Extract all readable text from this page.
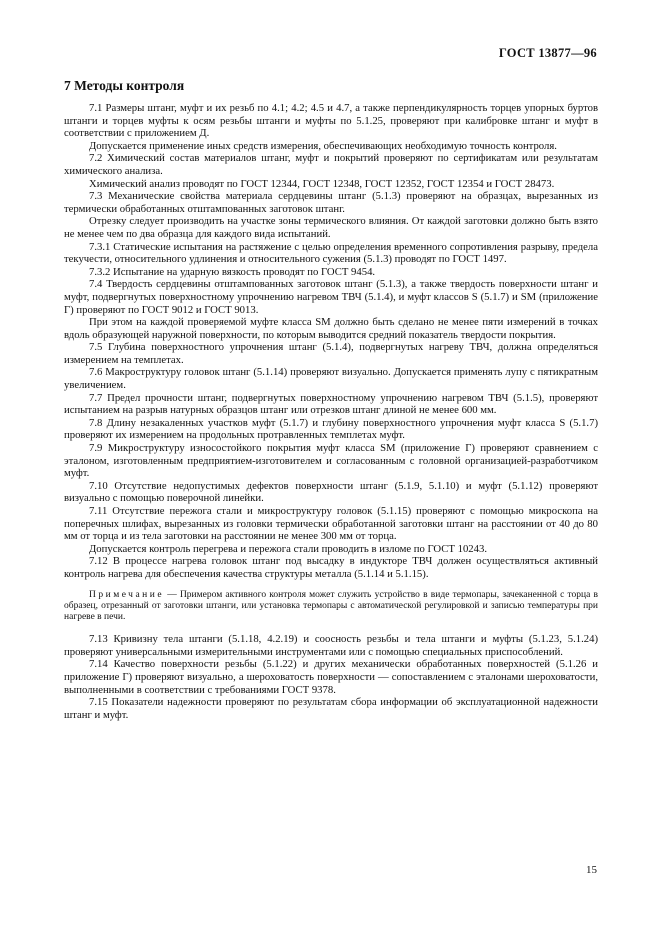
ГОСТ 13877—96
7 Методы контроля

7.1 Размеры штанг, муфт и их резьб по 4.1; 4.2; 4.5 и 4.7, а также перпендикулярность торцев упорных буртов штанги и торцев муфты к осям резьбы штанги и муфты по 5.1.25, проверяют при калибровке штанг и муфт в соответствии с приложением Д.

Допускается применение иных средств измерения, обеспечивающих необходимую точность контроля.

7.2 Химический состав материалов штанг, муфт и покрытий проверяют по сертификатам или результатам химического анализа.

Химический анализ проводят по ГОСТ 12344, ГОСТ 12348, ГОСТ 12352, ГОСТ 12354 и ГОСТ 28473.

7.3 Механические свойства материала сердцевины штанг (5.1.3) проверяют на образцах, вырезанных из термически обработанных отштампованных заготовок штанг.

Отрезку следует производить на участке зоны термического влияния. От каждой заготовки должно быть взято не менее чем по два образца для каждого вида испытаний.

7.3.1 Статические испытания на растяжение с целью определения временного сопротивления разрыву, предела текучести, относительного удлинения и относительного сужения (5.1.3) проводят по ГОСТ 1497.

7.3.2 Испытание на ударную вязкость проводят по ГОСТ 9454.

7.4 Твердость сердцевины отштампованных заготовок штанг (5.1.3), а также твердость поверхности штанг и муфт, подвергнутых поверхностному упрочнению нагревом ТВЧ (5.1.4), и муфт классов S (5.1.7) и SM (приложение Г) проверяют по ГОСТ 9012 и ГОСТ 9013.

При этом на каждой проверяемой муфте класса SM должно быть сделано не менее пяти измерений в точках вдоль образующей наружной поверхности, по которым выводится средний показатель твердости покрытия.

7.5 Глубина поверхностного упрочнения штанг (5.1.4), подвергнутых нагреву ТВЧ, должна определяться измерением на темплетах.

7.6 Макроструктуру головок штанг (5.1.14) проверяют визуально. Допускается применять лупу с пятикратным увеличением.

7.7 Предел прочности штанг, подвергнутых поверхностному упрочнению нагревом ТВЧ (5.1.5), проверяют испытанием на разрыв натурных образцов штанг или отрезков штанг длиной не менее 600 мм.

7.8 Длину незакаленных участков муфт (5.1.7) и глубину поверхностного упрочнения муфт класса S (5.1.7) проверяют их измерением на продольных протравленных темплетах муфт.

7.9 Микроструктуру износостойкого покрытия муфт класса SM (приложение Г) проверяют сравнением с эталоном, изготовленным предприятием-изготовителем и согласованным с головной организацией-разработчиком муфт.

7.10 Отсутствие недопустимых дефектов поверхности штанг (5.1.9, 5.1.10) и муфт (5.1.12) проверяют визуально с помощью поверочной линейки.

7.11 Отсутствие пережога стали и микроструктуру головок (5.1.15) проверяют с помощью микроскопа на поперечных шлифах, вырезанных из головки термически обработанной заготовки штанг на расстоянии от 40 до 80 мм от торца и из тела заготовки на расстоянии не менее 300 мм от торца.

Допускается контроль перегрева и пережога стали проводить в изломе по ГОСТ 10243.

7.12 В процессе нагрева головок штанг под высадку в индукторе ТВЧ должен осуществляться активный контроль нагрева для обеспечения качества структуры металла (5.1.14 и 5.1.15).

Примечание — Примером активного контроля может служить устройство в виде термопары, зачеканенной с торца в образец, отрезанный от заготовки штанги, или установка термопары с автоматической регулировкой и записью температуры при нагреве в печи.

7.13 Кривизну тела штанги (5.1.18, 4.2.19) и соосность резьбы и тела штанги и муфты (5.1.23, 5.1.24) проверяют универсальными измерительными инструментами или с помощью специальных приспособлений.

7.14 Качество поверхности резьбы (5.1.22) и других механически обработанных поверхностей (5.1.26 и приложение Г) проверяют визуально, а шероховатость поверхности — сопоставлением с эталонами шероховатости, выполненными в соответствии с требованиями ГОСТ 9378.

7.15 Показатели надежности проверяют по результатам сбора информации об эксплуатационной надежности штанг и муфт.

15
